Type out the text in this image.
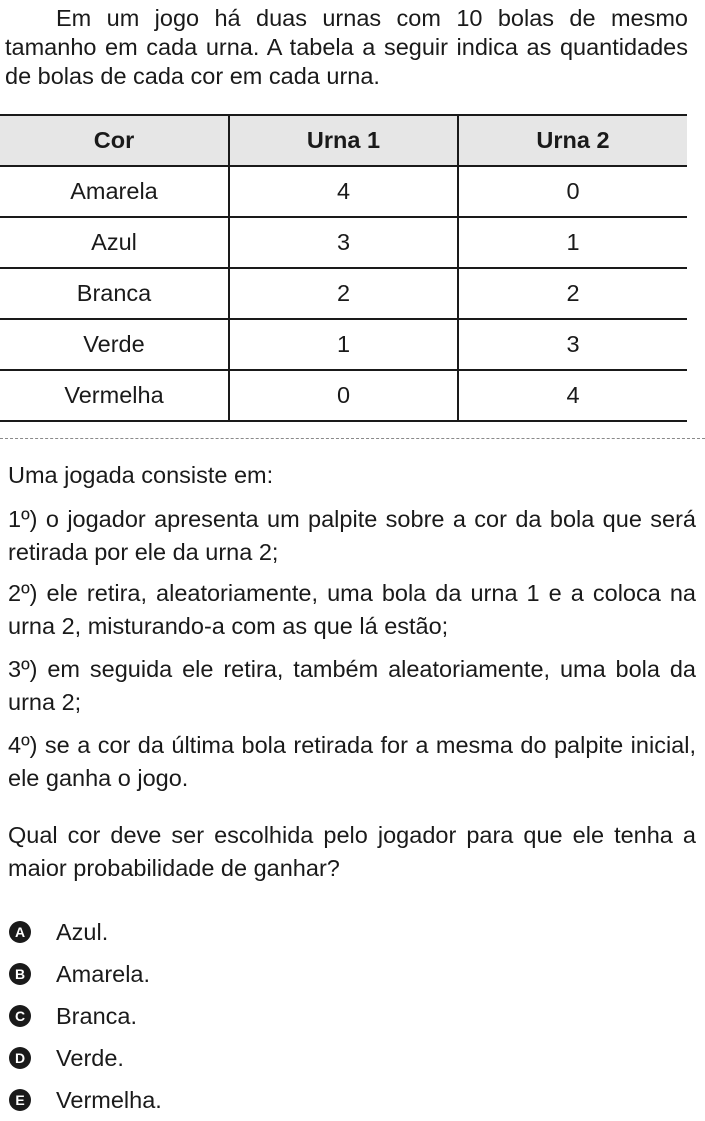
Em um jogo há duas urnas com 10 bolas de mesmo tamanho em cada urna. A tabela a seguir indica as quantidades de bolas de cada cor em cada urna.

Cor	Urna 1	Urna 2
Amarela	4	0
Azul	3	1
Branca	2	2
Verde	1	3
Vermelha	0	4

Uma jogada consiste em:

1º) o jogador apresenta um palpite sobre a cor da bola que será retirada por ele da urna 2;

2º) ele retira, aleatoriamente, uma bola da urna 1 e a coloca na urna 2, misturando-a com as que lá estão;

3º) em seguida ele retira, também aleatoriamente, uma bola da urna 2;

4º) se a cor da última bola retirada for a mesma do palpite inicial, ele ganha o jogo.

Qual cor deve ser escolhida pelo jogador para que ele tenha a maior probabilidade de ganhar?

A Azul.
B Amarela.
C Branca.
D Verde.
E Vermelha.
